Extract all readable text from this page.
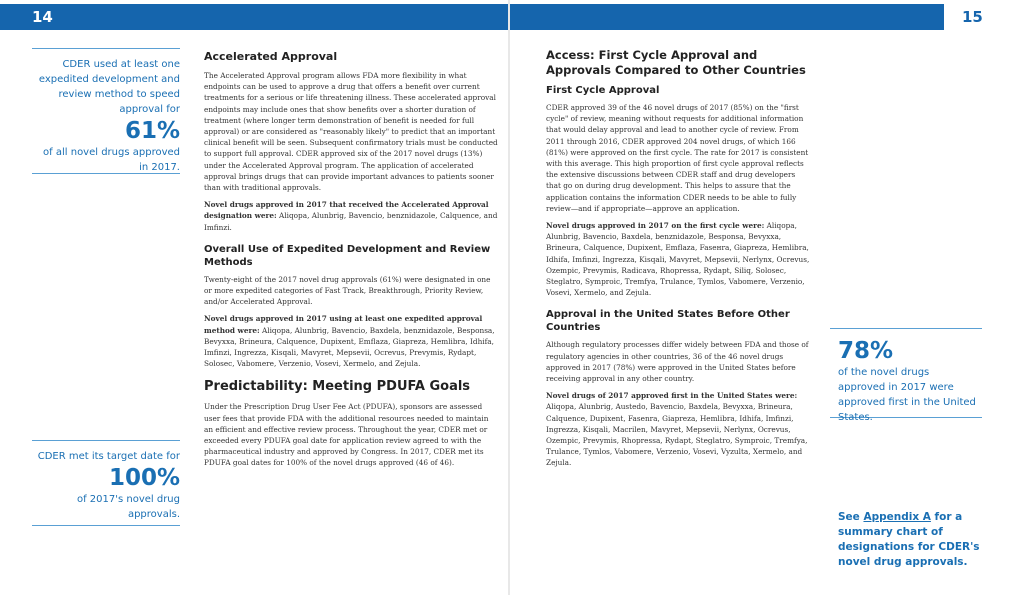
14	15
CDER used at least one expedited development and review method to speed approval for
61%
of all novel drugs approved in 2017.
CDER met its target date for
100%
of 2017's novel drug approvals.
78%
of the novel drugs approved in 2017 were approved first in the United States.
Accelerated Approval

The Accelerated Approval program allows FDA more flexibility in what endpoints can be used to approve a drug that offers a benefit over current treatments for a serious or life threatening illness. These accelerated approval endpoints may include ones that show benefits over a shorter duration of treatment (where longer term demonstration of benefit is needed for full approval) or are considered as "reasonably likely" to predict that an important clinical benefit will be seen. Subsequent confirmatory trials must be conducted to support full approval. CDER approved six of the 2017 novel drugs (13%) under the Accelerated Approval program. The application of accelerated approval brings drugs that can provide important advances to patients sooner than with traditional approvals.

Novel drugs approved in 2017 that received the Accelerated Approval designation were: Aliqopa, Alunbrig, Bavencio, benznidazole, Calquence, and Imfinzi.

Overall Use of Expedited Development and Review Methods

Twenty-eight of the 2017 novel drug approvals (61%) were designated in one or more expedited categories of Fast Track, Breakthrough, Priority Review, and/or Accelerated Approval.

Novel drugs approved in 2017 using at least one expedited approval method were: Aliqopa, Alunbrig, Bavencio, Baxdela, benznidazole, Besponsa, Bevyxxa, Brineura, Calquence, Dupixent, Emflaza, Giapreza, Hemlibra, Idhifa, Imfinzi, Ingrezza, Kisqali, Mavyret, Mepsevii, Ocrevus, Prevymis, Rydapt, Solosec, Vabomere, Verzenio, Vosevi, Xermelo, and Zejula.

Predictability: Meeting PDUFA Goals

Under the Prescription Drug User Fee Act (PDUFA), sponsors are assessed user fees that provide FDA with the additional resources needed to maintain an efficient and effective review process. Throughout the year, CDER met or exceeded every PDUFA goal date for application review agreed to with the pharmaceutical industry and approved by Congress. In 2017, CDER met its PDUFA goal dates for 100% of the novel drugs approved (46 of 46).

Access: First Cycle Approval and Approvals Compared to Other Countries
First Cycle Approval

CDER approved 39 of the 46 novel drugs of 2017 (85%) on the "first cycle" of review, meaning without requests for additional information that would delay approval and lead to another cycle of review. From 2011 through 2016, CDER approved 204 novel drugs, of which 166 (81%) were approved on the first cycle. The rate for 2017 is consistent with this average. This high proportion of first cycle approval reflects the extensive discussions between CDER staff and drug developers that go on during drug development. This helps to assure that the application contains the information CDER needs to be able to fully review—and if appropriate—approve an application.

Novel drugs approved in 2017 on the first cycle were: Aliqopa, Alunbrig, Bavencio, Baxdela, benznidazole, Besponsa, Bevyxxa, Brineura, Calquence, Dupixent, Emflaza, Faseнra, Giapreza, Hemlibra, Idhifa, Imfinzi, Ingrezza, Kisqali, Mavyret, Mepsevii, Nerlynx, Ocrevus, Ozempic, Prevymis, Radicava, Rhopressa, Rydapt, Siliq, Solosec, Steglatro, Symproic, Tremfya, Trulance, Tymlos, Vabomere, Verzenio, Vosevi, Xermelo, and Zejula.

Approval in the United States Before Other Countries

Although regulatory processes differ widely between FDA and those of regulatory agencies in other countries, 36 of the 46 novel drugs approved in 2017 (78%) were approved in the United States before receiving approval in any other country.

Novel drugs of 2017 approved first in the United States were: Aliqopa, Alunbrig, Austedo, Bavencio, Baxdela, Bevyxxa, Brineura, Calquence, Dupixent, Fasenra, Giapreza, Hemlibra, Idhifa, Imfinzi, Ingrezza, Kisqali, Macrilen, Mavyret, Mepsevii, Nerlynx, Ocrevus, Ozempic, Prevymis, Rhopressa, Rydapt, Steglatro, Symproic, Tremfya, Trulance, Tymlos, Vabomere, Verzenio, Vosevi, Vyzulta, Xermelo, and Zejula.

See Appendix A for a summary chart of designations for CDER's novel drug approvals.
